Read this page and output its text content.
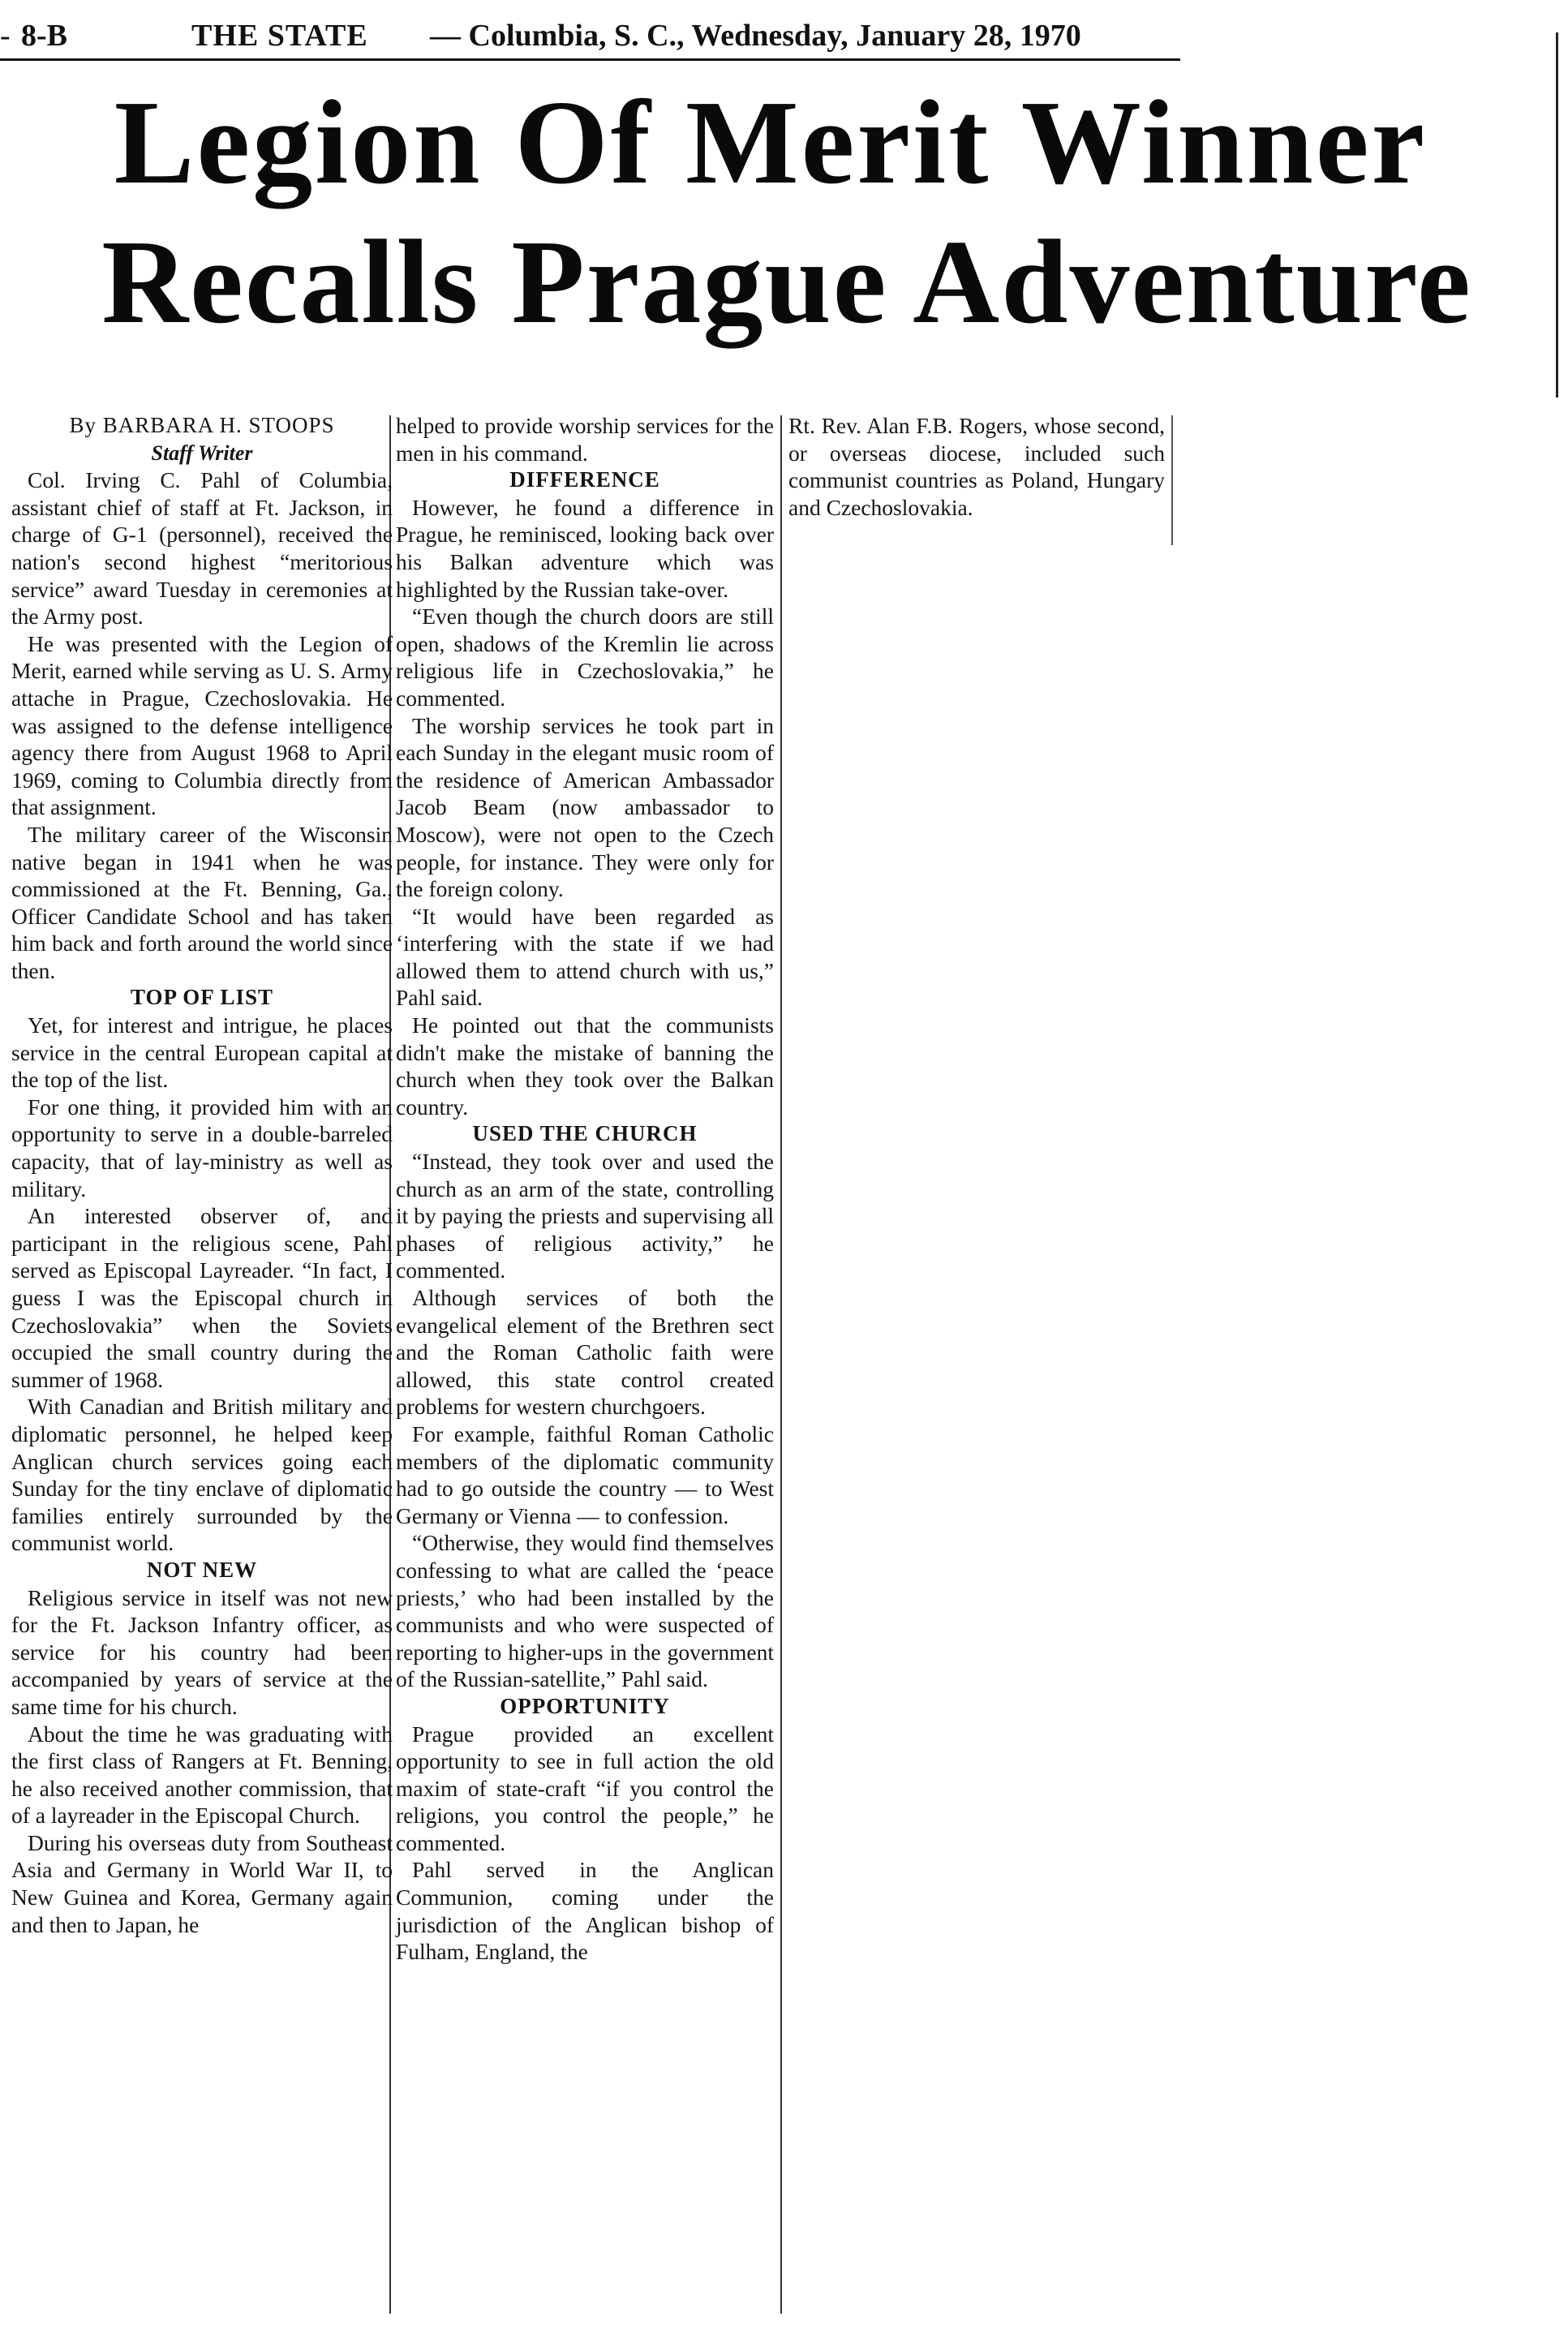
- 8-B	THE STATE — Columbia, S. C., Wednesday, January 28, 1970
Legion Of Merit Winner
Recalls Prague Adventure

By BARBARA H. STOOPS

Staff Writer

Col. Irving C. Pahl of Columbia, assistant chief of staff at Ft. Jackson, in charge of G-1 (personnel), received the nation's second highest “meritorious service” award Tuesday in ceremonies at the Army post.

He was presented with the Legion of Merit, earned while serving as U. S. Army attache in Prague, Czechoslovakia. He was assigned to the defense intelligence agency there from August 1968 to April 1969, coming to Columbia directly from that assignment.

The military career of the Wisconsin native began in 1941 when he was commissioned at the Ft. Benning, Ga., Officer Candidate School and has taken him back and forth around the world since then.

TOP OF LIST

Yet, for interest and intrigue, he places service in the central European capital at the top of the list.

For one thing, it provided him with an opportunity to serve in a double-barreled capacity, that of lay-ministry as well as military.

An interested observer of, and participant in the religious scene, Pahl served as Episcopal Layreader. “In fact, I guess I was the Episcopal church in Czechoslovakia” when the Soviets occupied the small country during the summer of 1968.

With Canadian and British military and diplomatic personnel, he helped keep Anglican church services going each Sunday for the tiny enclave of diplomatic families entirely surrounded by the communist world.

NOT NEW

Religious service in itself was not new for the Ft. Jackson Infantry officer, as service for his country had been accompanied by years of service at the same time for his church.

About the time he was graduating with the first class of Rangers at Ft. Benning, he also received another commission, that of a layreader in the Episcopal Church.

During his overseas duty from Southeast Asia and Germany in World War II, to New Guinea and Korea, Germany again and then to Japan, he

helped to provide worship services for the men in his command.

DIFFERENCE

However, he found a difference in Prague, he reminisced, looking back over his Balkan adventure which was highlighted by the Russian take-over.

“Even though the church doors are still open, shadows of the Kremlin lie across religious life in Czechoslovakia,” he commented.

The worship services he took part in each Sunday in the elegant music room of the residence of American Ambassador Jacob Beam (now ambassador to Moscow), were not open to the Czech people, for instance. They were only for the foreign colony.

“It would have been regarded as ‘interfering with the state if we had allowed them to attend church with us,” Pahl said.

He pointed out that the communists didn't make the mistake of banning the church when they took over the Balkan country.

USED THE CHURCH

“Instead, they took over and used the church as an arm of the state, controlling it by paying the priests and supervising all phases of religious activity,” he commented.

Although services of both the evangelical element of the Brethren sect and the Roman Catholic faith were allowed, this state control created problems for western churchgoers.

For example, faithful Roman Catholic members of the diplomatic community had to go outside the country — to West Germany or Vienna — to confession.

“Otherwise, they would find themselves confessing to what are called the ‘peace priests,’ who had been installed by the communists and who were suspected of reporting to higher-ups in the government of the Russian-satellite,” Pahl said.

OPPORTUNITY

Prague provided an excellent opportunity to see in full action the old maxim of state-craft “if you control the religions, you control the people,” he commented.

Pahl served in the Anglican Communion, coming under the jurisdiction of the Anglican bishop of Fulham, England, the

Rt. Rev. Alan F.B. Rogers, whose second, or overseas diocese, included such communist countries as Poland, Hungary and Czechoslovakia.
